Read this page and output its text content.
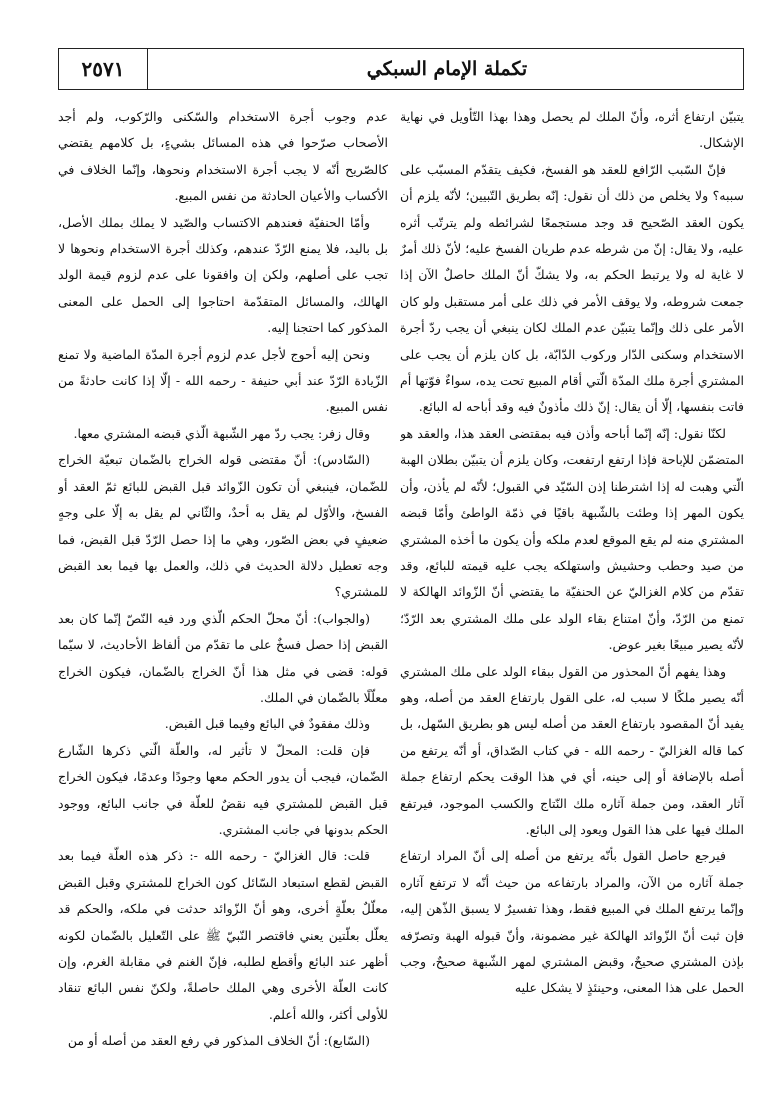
٢٥٧١	تكملة الإمام السبكي

يتبيّن ارتفاع أثره، وأنّ الملك لم يحصل وهذا بهذا التّأويل في نهاية الإشكال.

فإنّ السّبب الرّافع للعقد هو الفسخ، فكيف يتقدّم المسبّب على سببه؟ ولا يخلص من ذلك أن نقول: إنّه بطريق التّبيين؛ لأنّه يلزم أن يكون العقد الصّحيح قد وجد مستجمعًا لشرائطه ولم يترتّب أثره عليه، ولا يقال: إنّ من شرطه عدم طريان الفسخ عليه؛ لأنّ ذلك أمرٌ لا غاية له ولا يرتبط الحكم به، ولا يشكّ أنّ الملك حاصلٌ الآن إذا جمعت شروطه، ولا يوقف الأمر في ذلك على أمر مستقبل ولو كان الأمر على ذلك وإنّما يتبيّن عدم الملك لكان ينبغي أن يجب ردّ أجرة الاستخدام وسكنى الدّار وركوب الدّابّة، بل كان يلزم أن يجب على المشتري أجرة ملك المدّة الّتي أقام المبيع تحت يده، سواءٌ فوّتها أم فاتت بنفسها، إلّا أن يقال: إنّ ذلك مأذونٌ فيه وقد أباحه له البائع.

لكنّا نقول: إنّه إنّما أباحه وأذن فيه بمقتضى العقد هذا، والعقد هو المتضمّن للإباحة فإذا ارتفع ارتفعت، وكان يلزم أن يتبيّن بطلان الهبة الّتي وهبت له إذا اشترطنا إذن السّيّد في القبول؛ لأنّه لم يأذن، وأن يكون المهر إذا وطئت بالشّبهة باقيًا في ذمّة الواطئ وأمّا قبضه المشتري منه لم يقع الموقع لعدم ملكه وأن يكون ما أخذه المشتري من صيد وحطب وحشيش واستهلكه يجب عليه قيمته للبائع، وقد تقدّم من كلام الغزاليّ عن الحنفيّة ما يقتضي أنّ الزّوائد الهالكة لا تمنع من الرّدّ، وأنّ امتناع بقاء الولد على ملك المشتري بعد الرّدّ؛ لأنّه يصير مبيعًا بغير عوض.

وهذا يفهم أنّ المحذور من القول ببقاء الولد على ملك المشتري أنّه يصير ملكًا لا سبب له، على القول بارتفاع العقد من أصله، وهو يفيد أنّ المقصود بارتفاع العقد من أصله ليس هو بطريق السّهل، بل كما قاله الغزاليّ - رحمه الله - في كتاب الصّداق، أو أنّه يرتفع من أصله بالإضافة أو إلى حينه، أي في هذا الوقت يحكم ارتفاع جملة آثار العقد، ومن جملة آثاره ملك النّتاج والكسب الموجود، فيرتفع الملك فيها على هذا القول ويعود إلى البائع.

فيرجع حاصل القول بأنّه يرتفع من أصله إلى أنّ المراد ارتفاع جملة آثاره من الآن، والمراد بارتفاعه من حيث أنّه لا ترتفع آثاره وإنّما يرتفع الملك في المبيع فقط، وهذا تفسيرٌ لا يسبق الذّهن إليه، فإن ثبت أنّ الزّوائد الهالكة غير مضمونة، وأنّ قبوله الهبة وتصرّفه بإذن المشتري صحيحٌ، وقبض المشتري لمهر الشّبهة صحيحٌ، وجب الحمل على هذا المعنى، وحينئذٍ لا يشكل عليه

عدم وجوب أجرة الاستخدام والسّكنى والرّكوب، ولم أجد الأصحاب صرّحوا في هذه المسائل بشيءٍ، بل كلامهم يقتضي كالصّريح أنّه لا يجب أجرة الاستخدام ونحوها، وإنّما الخلاف في الأكساب والأعيان الحادثة من نفس المبيع.

وأمّا الحنفيّة فعندهم الاكتساب والصّيد لا يملك بملك الأصل، بل باليد، فلا يمنع الرّدّ عندهم، وكذلك أجرة الاستخدام ونحوها لا تجب على أصلهم، ولكن إن وافقونا على عدم لزوم قيمة الولد الهالك، والمسائل المتقدّمة احتاجوا إلى الحمل على المعنى المذكور كما احتجنا إليه.

ونحن إليه أحوج لأجل عدم لزوم أجرة المدّة الماضية ولا تمنع الزّيادة الرّدّ عند أبي حنيفة - رحمه الله - إلّا إذا كانت حادثةً من نفس المبيع.

وقال زفر: يجب ردّ مهر الشّبهة الّذي قبضه المشتري معها.

(السّادس): أنّ مقتضى قوله الخراج بالضّمان تبعيّة الخراج للضّمان، فينبغي أن تكون الزّوائد قبل القبض للبائع ثمّ العقد أو الفسخ، والأوّل لم يقل به أحدٌ، والثّاني لم يقل به إلّا على وجهٍ ضعيفٍ في بعض الصّور، وهي ما إذا حصل الرّدّ قبل القبض، فما وجه تعطيل دلالة الحديث في ذلك، والعمل بها فيما بعد القبض للمشتري؟

(والجواب): أنّ محلّ الحكم الّذي ورد فيه النّصّ إنّما كان بعد القبض إذا حصل فسخٌ على ما تقدّم من ألفاظ الأحاديث، لا سيّما قوله: قضى في مثل هذا أنّ الخراج بالضّمان، فيكون الخراج معلّلًا بالضّمان في الملك.

وذلك مفقودٌ في البائع وفيما قبل القبض.

فإن قلت: المحلّ لا تأثير له، والعلّة الّتي ذكرها الشّارع الضّمان، فيجب أن يدور الحكم معها وجودًا وعدمًا، فيكون الخراج قبل القبض للمشتري فيه نقضٌ للعلّة في جانب البائع، ووجود الحكم بدونها في جانب المشتري.

قلت: قال الغزاليّ - رحمه الله -: ذكر هذه العلّة فيما بعد القبض لقطع استبعاد السّائل كون الخراج للمشتري وقبل القبض معلّلٌ بعلّةٍ أخرى، وهو أنّ الزّوائد حدثت في ملكه، والحكم قد يعلّل بعلّتين يعني فاقتصر النّبيّ ﷺ على التّعليل بالضّمان لكونه أظهر عند البائع وأقطع لطلبه، فإنّ الغنم في مقابلة الغرم، وإن كانت العلّة الأخرى وهي الملك حاصلةً، ولكنّ نفس البائع تنقاد للأولى أكثر، والله أعلم.

(السّابع): أنّ الخلاف المذكور في رفع العقد من أصله أو من
